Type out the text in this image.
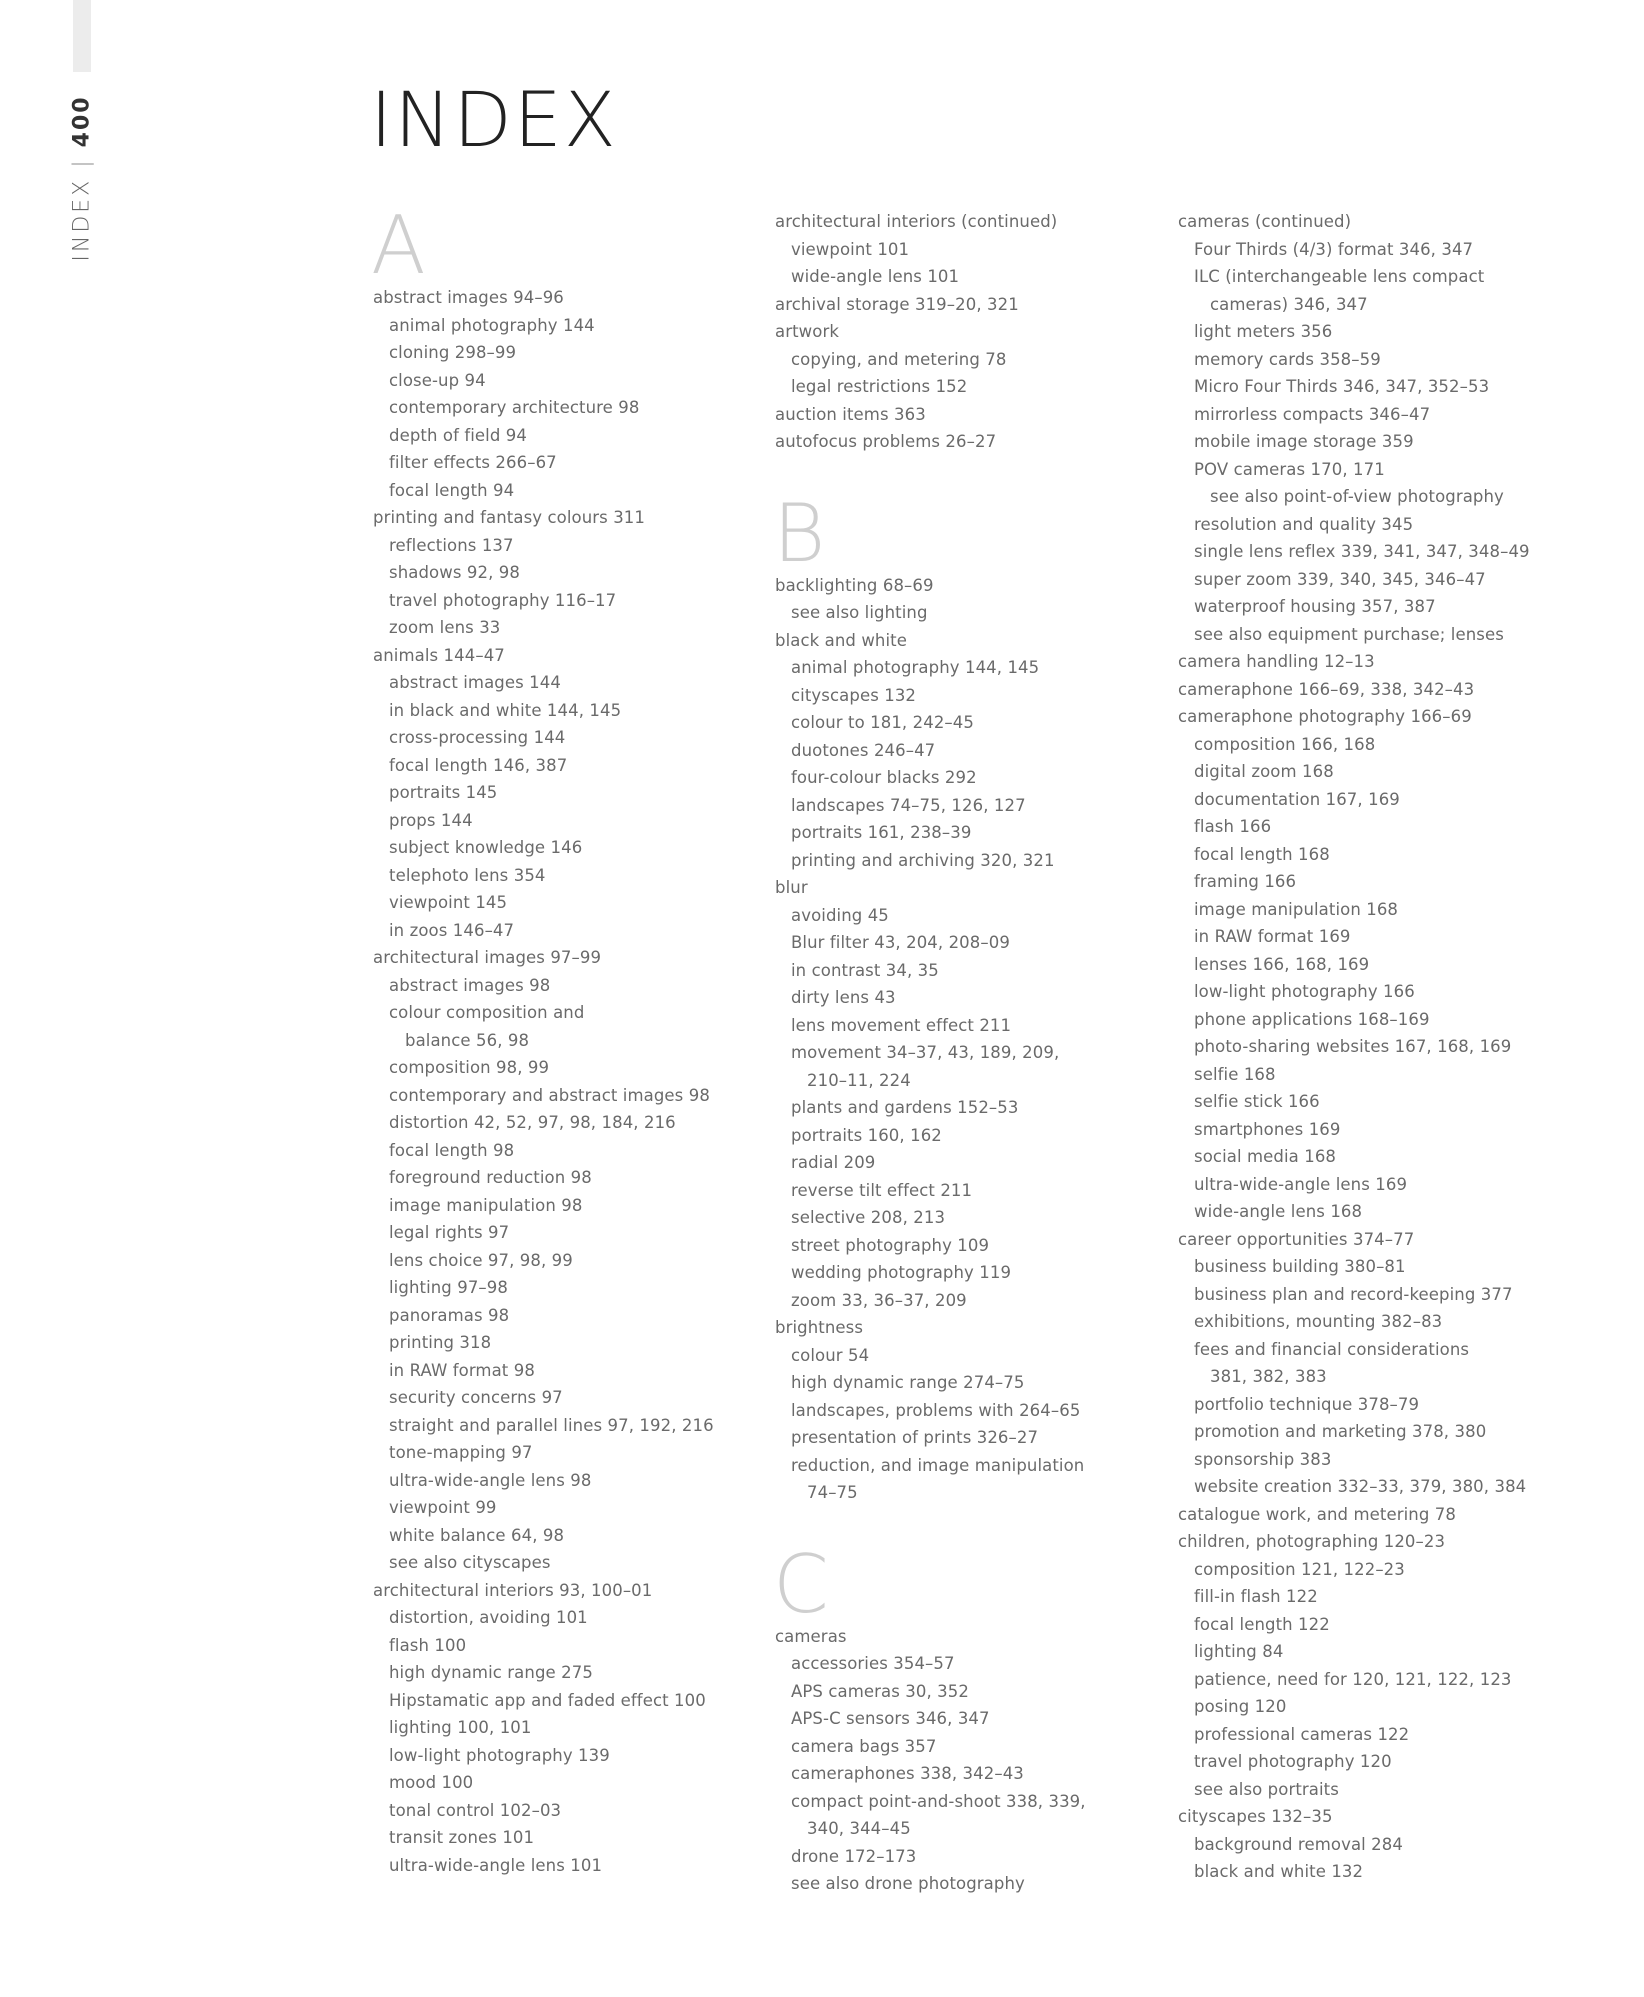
INDEX
|
400	INDEX
A
abstract images 94–96
animal photography 144
cloning 298–99
close-up 94
contemporary architecture 98
depth of field 94
filter effects 266–67
focal length 94
printing and fantasy colours 311
reflections 137
shadows 92, 98
travel photography 116–17
zoom lens 33
animals 144–47
abstract images 144
in black and white 144, 145
cross-processing 144
focal length 146, 387
portraits 145
props 144
subject knowledge 146
telephoto lens 354
viewpoint 145
in zoos 146–47
architectural images 97–99
abstract images 98
colour composition and
balance 56, 98
composition 98, 99
contemporary and abstract images 98
distortion 42, 52, 97, 98, 184, 216
focal length 98
foreground reduction 98
image manipulation 98
legal rights 97
lens choice 97, 98, 99
lighting 97–98
panoramas 98
printing 318
in RAW format 98
security concerns 97
straight and parallel lines 97, 192, 216
tone-mapping 97
ultra-wide-angle lens 98
viewpoint 99
white balance 64, 98
see also cityscapes
architectural interiors 93, 100–01
distortion, avoiding 101
flash 100
high dynamic range 275
Hipstamatic app and faded effect 100
lighting 100, 101
low-light photography 139
mood 100
tonal control 102–03
transit zones 101
ultra-wide-angle lens 101
architectural interiors (continued)
viewpoint 101
wide-angle lens 101
archival storage 319–20, 321
artwork
copying, and metering 78
legal restrictions 152
auction items 363
autofocus problems 26–27
B
backlighting 68–69
see also lighting
black and white
animal photography 144, 145
cityscapes 132
colour to 181, 242–45
duotones 246–47
four-colour blacks 292
landscapes 74–75, 126, 127
portraits 161, 238–39
printing and archiving 320, 321
blur
avoiding 45
Blur filter 43, 204, 208–09
in contrast 34, 35
dirty lens 43
lens movement effect 211
movement 34–37, 43, 189, 209,
210–11, 224
plants and gardens 152–53
portraits 160, 162
radial 209
reverse tilt effect 211
selective 208, 213
street photography 109
wedding photography 119
zoom 33, 36–37, 209
brightness
colour 54
high dynamic range 274–75
landscapes, problems with 264–65
presentation of prints 326–27
reduction, and image manipulation
74–75
C
cameras
accessories 354–57
APS cameras 30, 352
APS-C sensors 346, 347
camera bags 357
cameraphones 338, 342–43
compact point-and-shoot 338, 339,
340, 344–45
drone 172–173
see also drone photography
cameras (continued)
Four Thirds (4/3) format 346, 347
ILC (interchangeable lens compact
cameras) 346, 347
light meters 356
memory cards 358–59
Micro Four Thirds 346, 347, 352–53
mirrorless compacts 346–47
mobile image storage 359
POV cameras 170, 171
see also point-of-view photography
resolution and quality 345
single lens reflex 339, 341, 347, 348–49
super zoom 339, 340, 345, 346–47
waterproof housing 357, 387
see also equipment purchase; lenses
camera handling 12–13
cameraphone 166–69, 338, 342–43
cameraphone photography 166–69
composition 166, 168
digital zoom 168
documentation 167, 169
flash 166
focal length 168
framing 166
image manipulation 168
in RAW format 169
lenses 166, 168, 169
low-light photography 166
phone applications 168–169
photo-sharing websites 167, 168, 169
selfie 168
selfie stick 166
smartphones 169
social media 168
ultra-wide-angle lens 169
wide-angle lens 168
career opportunities 374–77
business building 380–81
business plan and record-keeping 377
exhibitions, mounting 382–83
fees and financial considerations
381, 382, 383
portfolio technique 378–79
promotion and marketing 378, 380
sponsorship 383
website creation 332–33, 379, 380, 384
catalogue work, and metering 78
children, photographing 120–23
composition 121, 122–23
fill-in flash 122
focal length 122
lighting 84
patience, need for 120, 121, 122, 123
posing 120
professional cameras 122
travel photography 120
see also portraits
cityscapes 132–35
background removal 284
black and white 132
